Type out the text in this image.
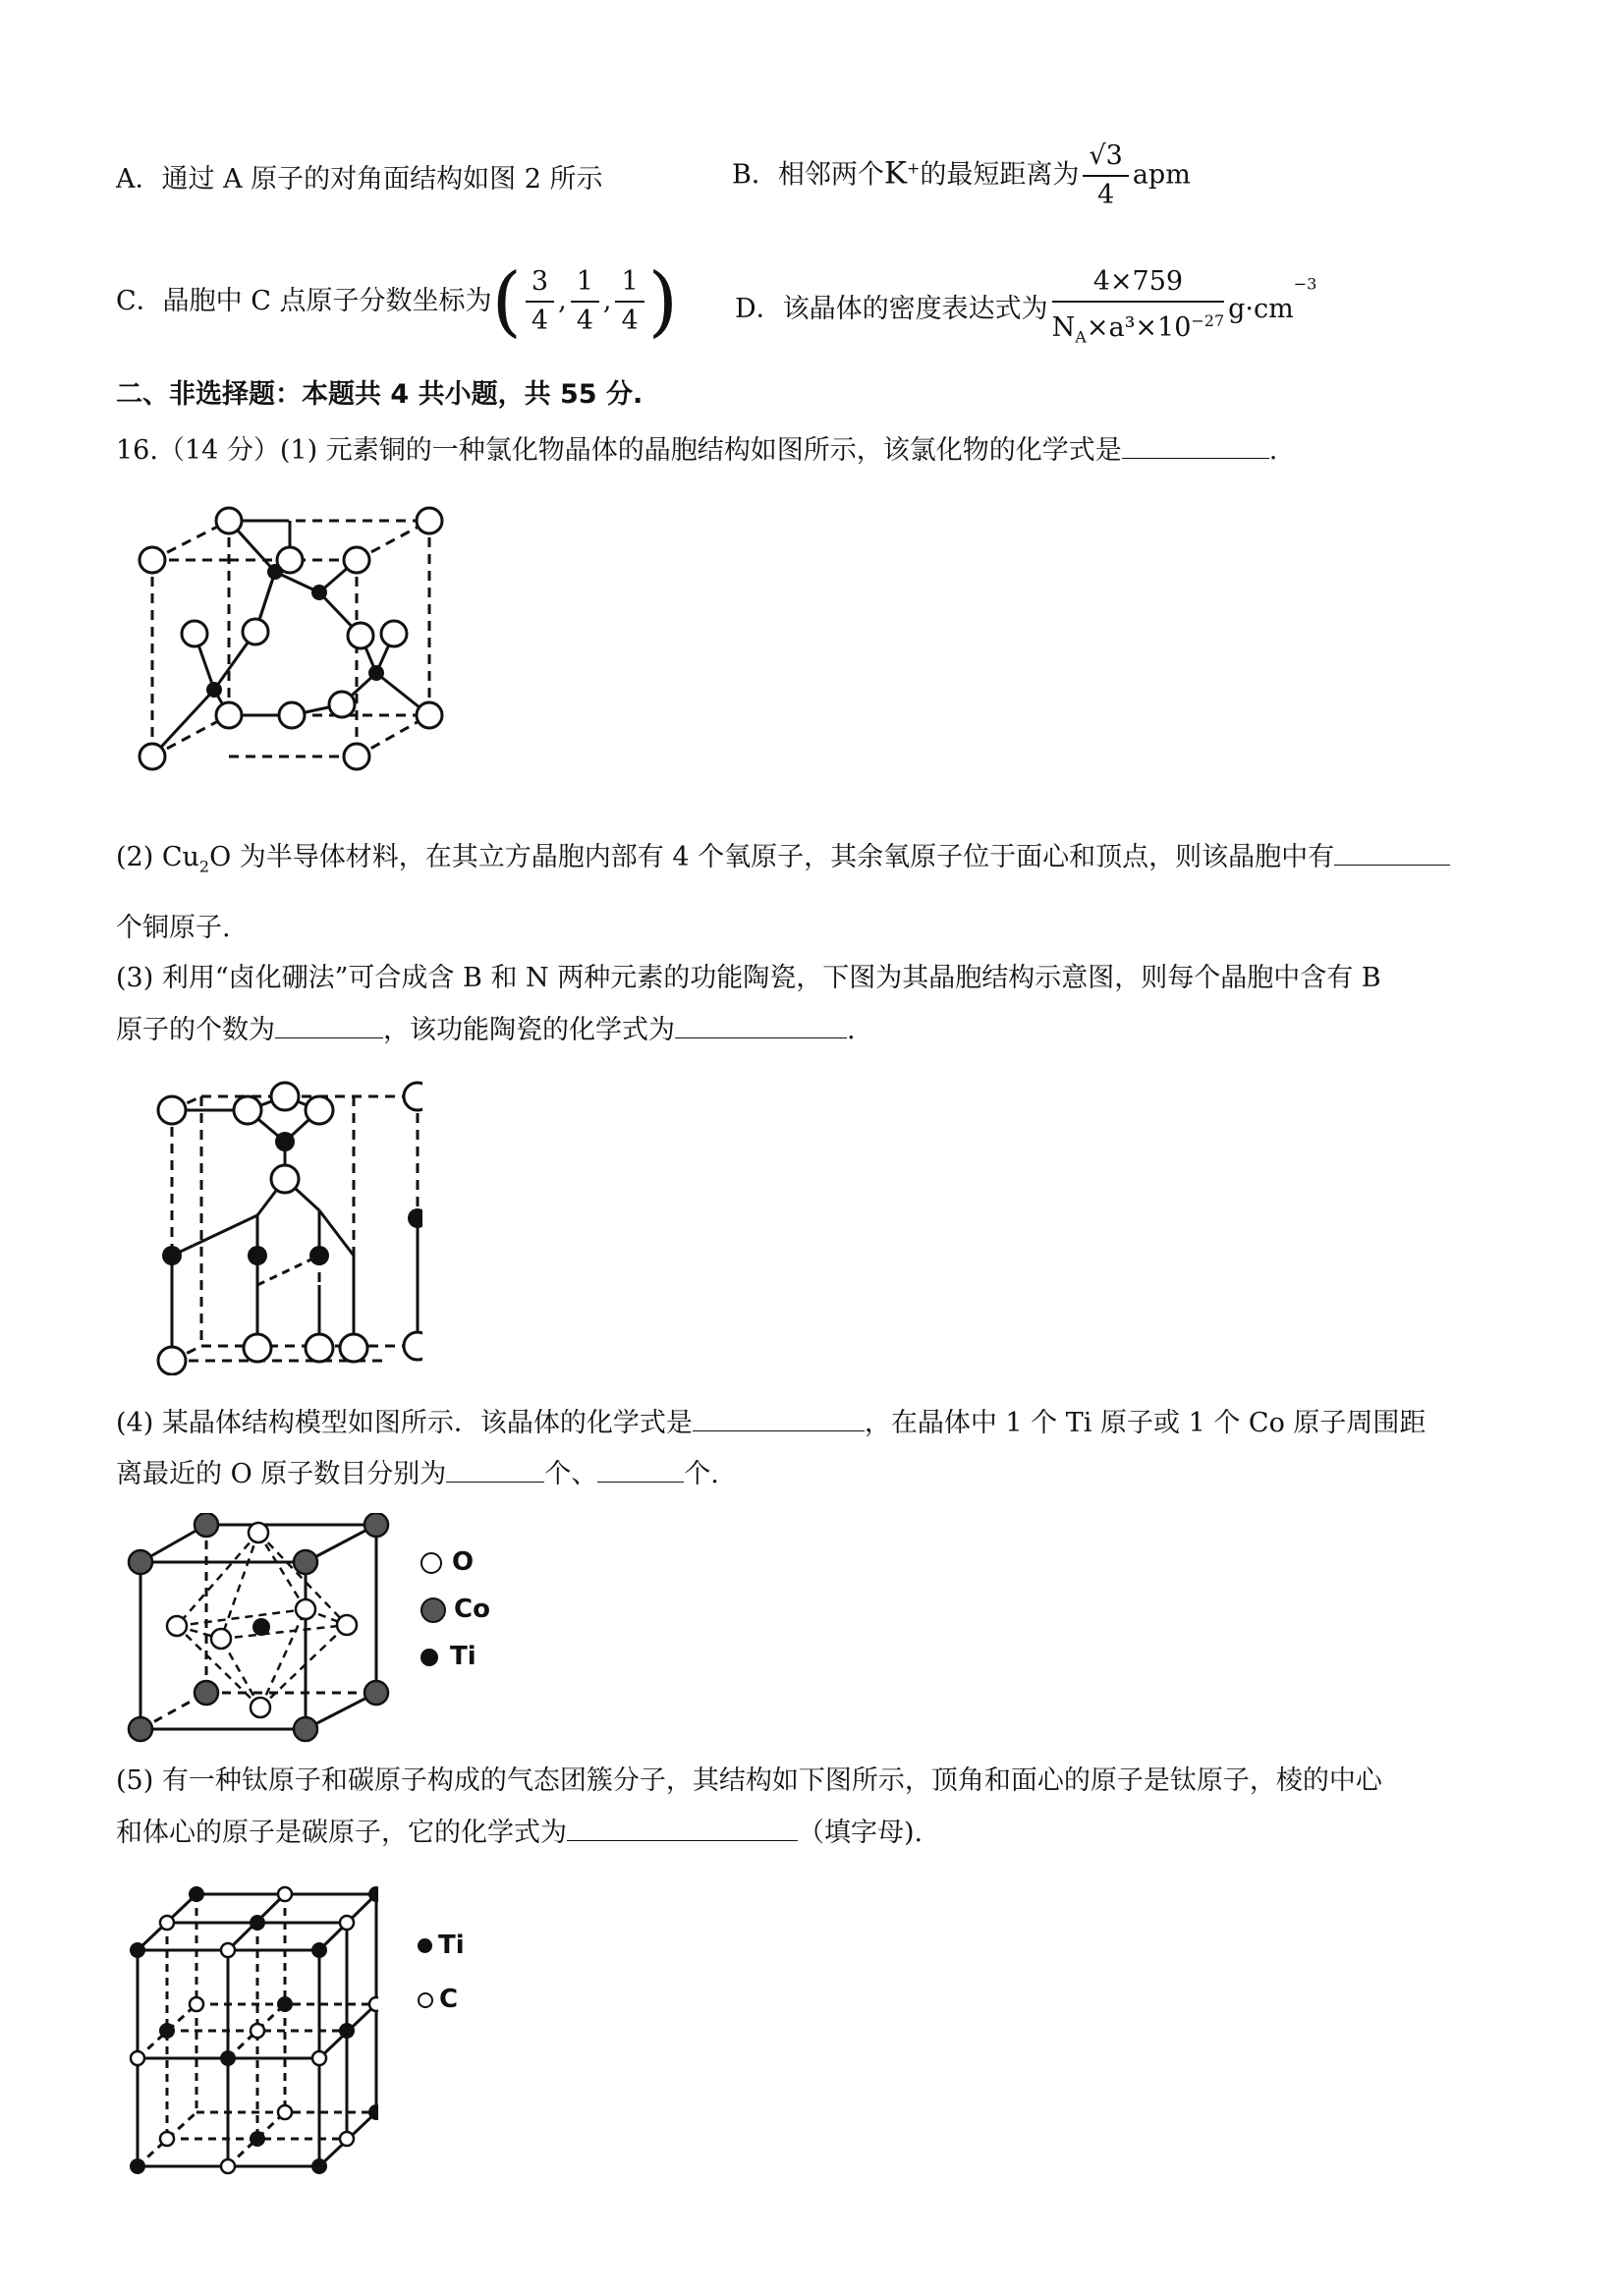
A．通过 A 原子的对角面结构如图 2 所示	B．相邻两个K+的最短距离为 $\frac{√3}{4}$ apm
C．晶胞中 C 点原子分数坐标为( $\frac{3}{4}$ , $\frac{1}{4}$ , $\frac{1}{4}$ ) D．该晶体的密度表达式为 $\frac{4\times 759}{N_A\times a^3\times 10^{-27}} g\cdot cm^{-3}$
二、非选择题：本题共 4 共小题，共 55 分.
16.（14 分）(1) 元素铜的一种氯化物晶体的晶胞结构如图所示，该氯化物的化学式是	.
(2) $Cu_2O$ 为半导体材料，在其立方晶胞内部有 4 个氧原子，其余氧原子位于面心和顶点，则该晶胞中有
个铜原子.
(3) 利用“卤化硼法”可合成含 B 和 N 两种元素的功能陶瓷，下图为其晶胞结构示意图，则每个晶胞中含有 B
原子的个数为	，该功能陶瓷的化学式为	.
(4) 某晶体结构模型如图所示．该晶体的化学式是	，在晶体中 1 个 Ti 原子或 1 个 Co 原子周围距
离最近的 O 原子数目分别为	个、	个.
O
Co
Ti
(5) 有一种钛原子和碳原子构成的气态团簇分子，其结构如下图所示，顶角和面心的原子是钛原子，棱的中心
和体心的原子是碳原子，它的化学式为	（填字母).
Ti
C
